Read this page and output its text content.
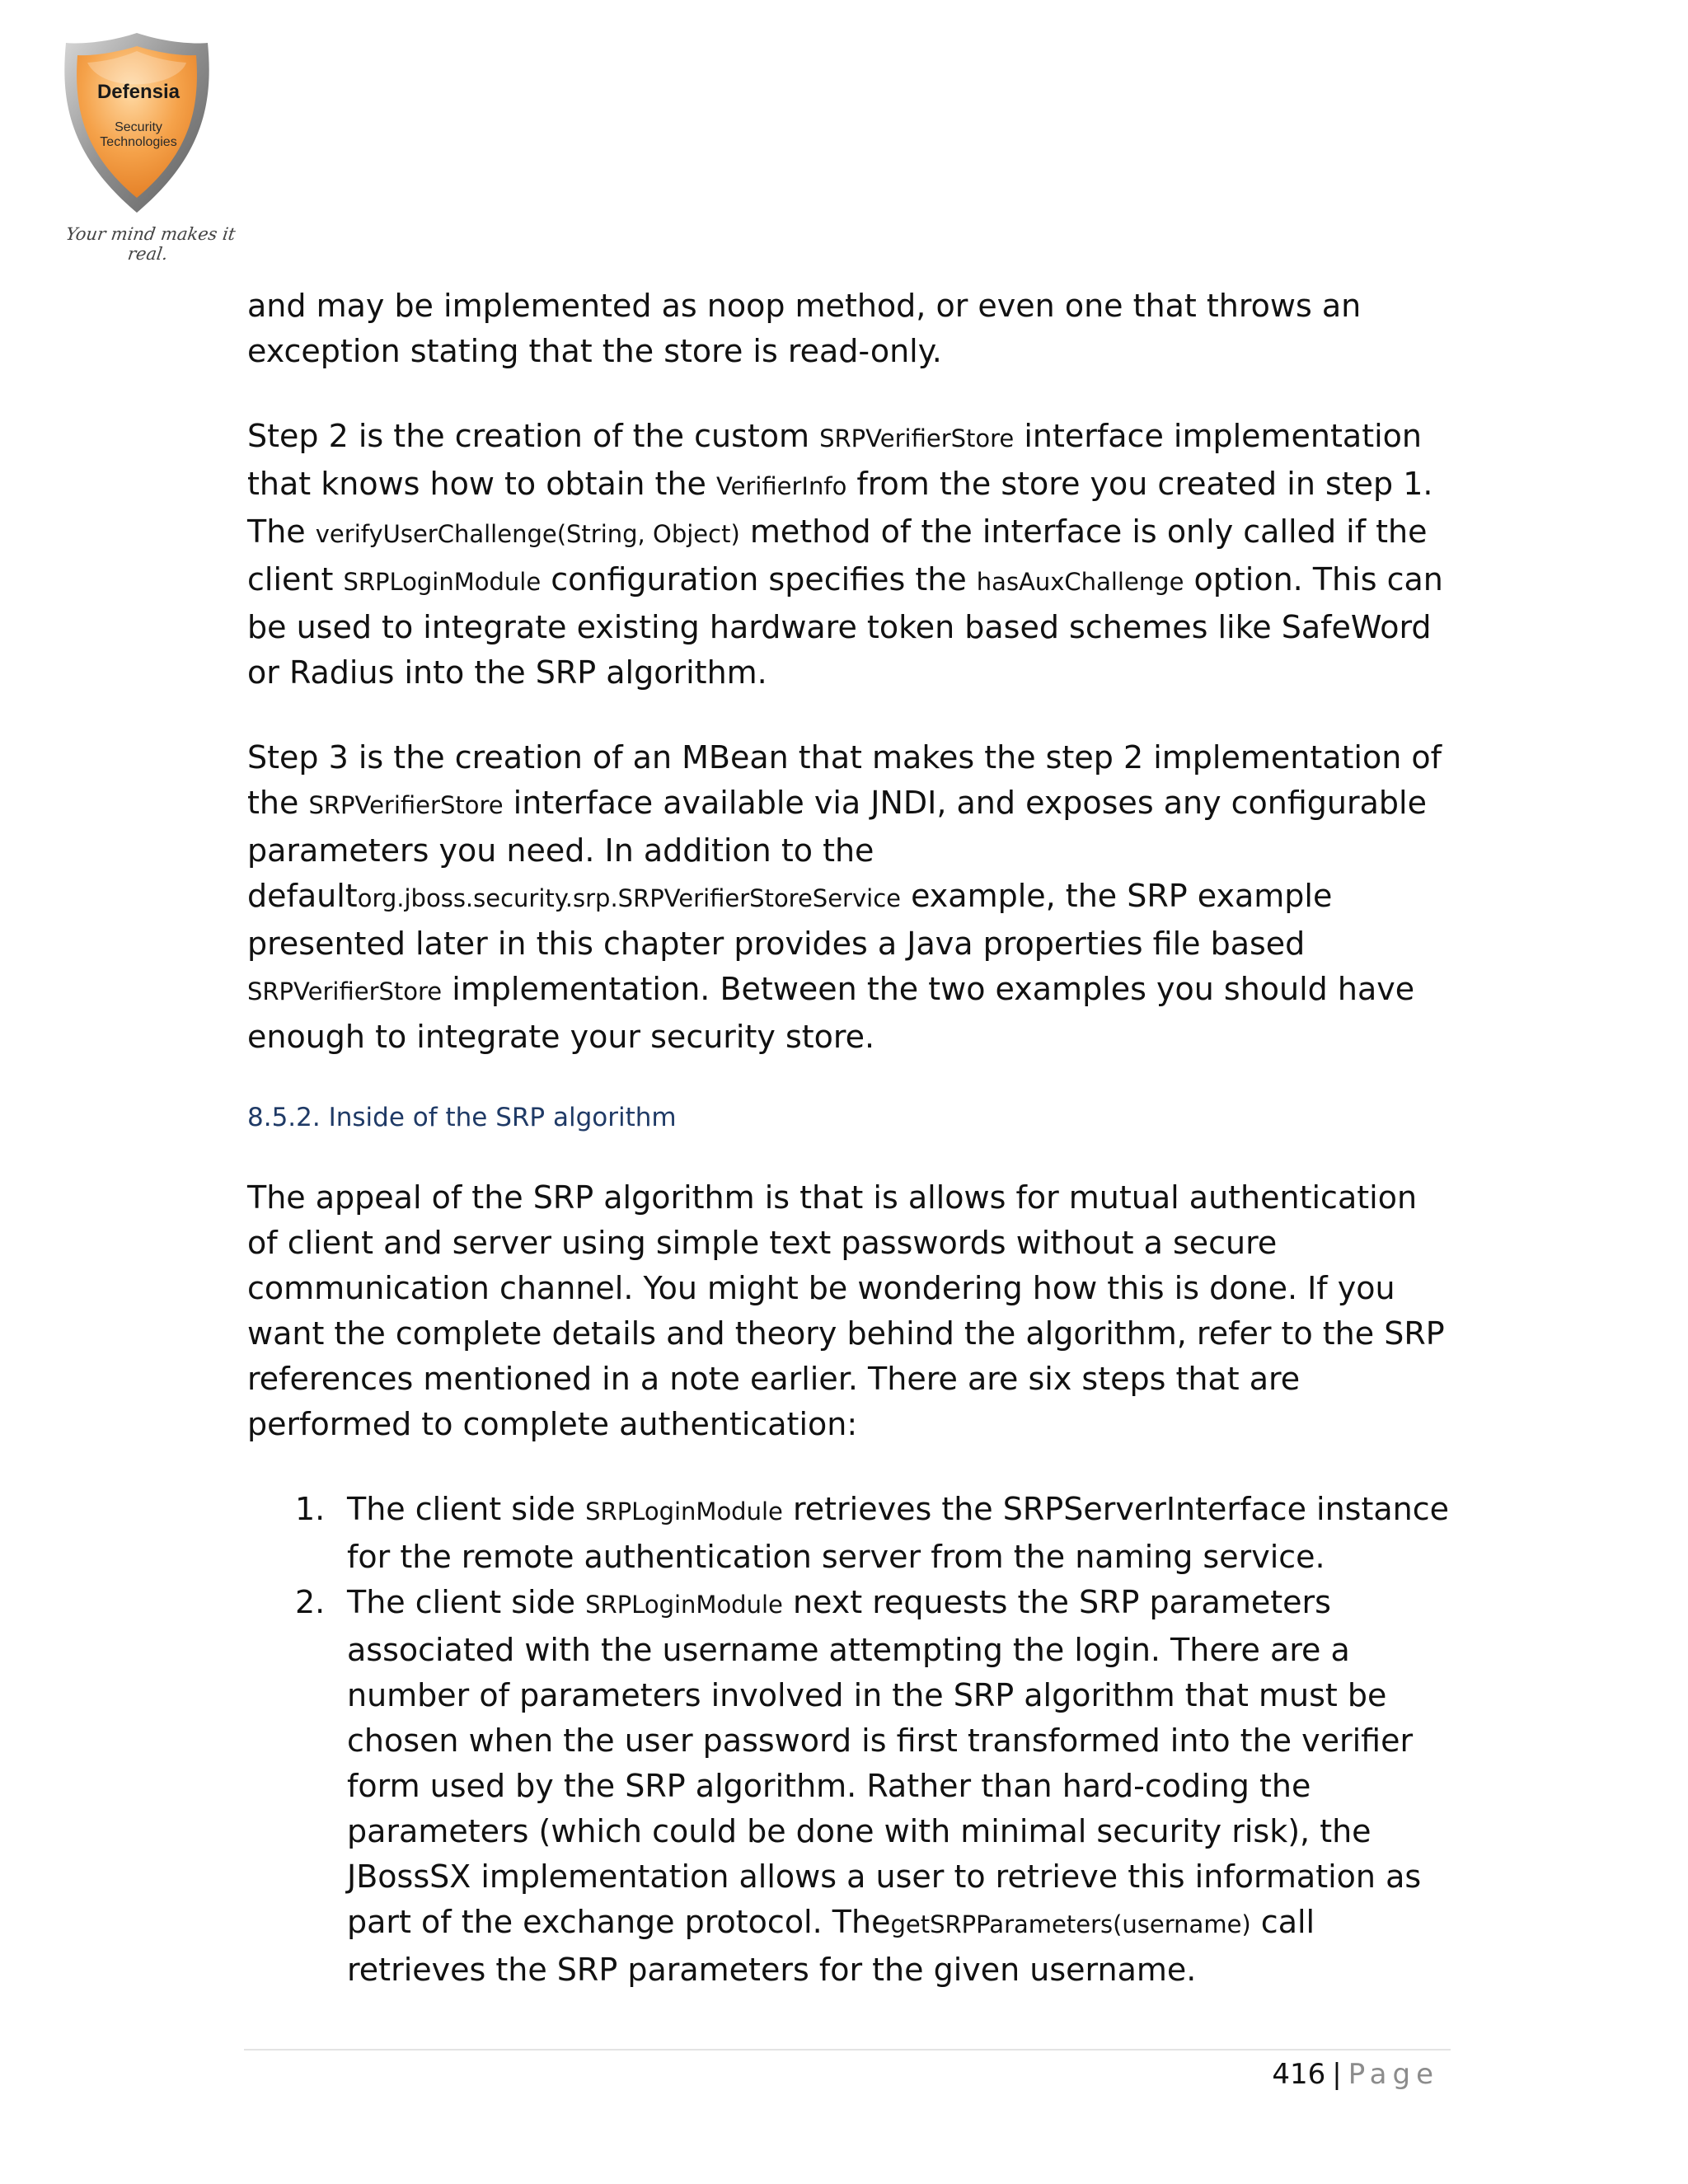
Defensia
Security
Technologies
Your mind makes it real.

and may be implemented as noop method, or even one that throws an exception stating that the store is read-only.

Step 2 is the creation of the custom SRPVerifierStore interface implementation that knows how to obtain the VerifierInfo from the store you created in step 1. The verifyUserChallenge(String, Object) method of the interface is only called if the client SRPLoginModule configuration specifies the hasAuxChallenge option. This can be used to integrate existing hardware token based schemes like SafeWord or Radius into the SRP algorithm.

Step 3 is the creation of an MBean that makes the step 2 implementation of the SRPVerifierStore interface available via JNDI, and exposes any configurable parameters you need. In addition to the defaultorg.jboss.security.srp.SRPVerifierStoreService example, the SRP example presented later in this chapter provides a Java properties file based SRPVerifierStore implementation. Between the two examples you should have enough to integrate your security store.

8.5.2. Inside of the SRP algorithm

The appeal of the SRP algorithm is that is allows for mutual authentication of client and server using simple text passwords without a secure communication channel. You might be wondering how this is done. If you want the complete details and theory behind the algorithm, refer to the SRP references mentioned in a note earlier. There are six steps that are performed to complete authentication:

1. The client side SRPLoginModule retrieves the SRPServerInterface instance for the remote authentication server from the naming service.
2. The client side SRPLoginModule next requests the SRP parameters associated with the username attempting the login. There are a number of parameters involved in the SRP algorithm that must be chosen when the user password is first transformed into the verifier form used by the SRP algorithm. Rather than hard-coding the parameters (which could be done with minimal security risk), the JBossSX implementation allows a user to retrieve this information as part of the exchange protocol. ThegetSRPParameters(username) call retrieves the SRP parameters for the given username.
416 | Page
